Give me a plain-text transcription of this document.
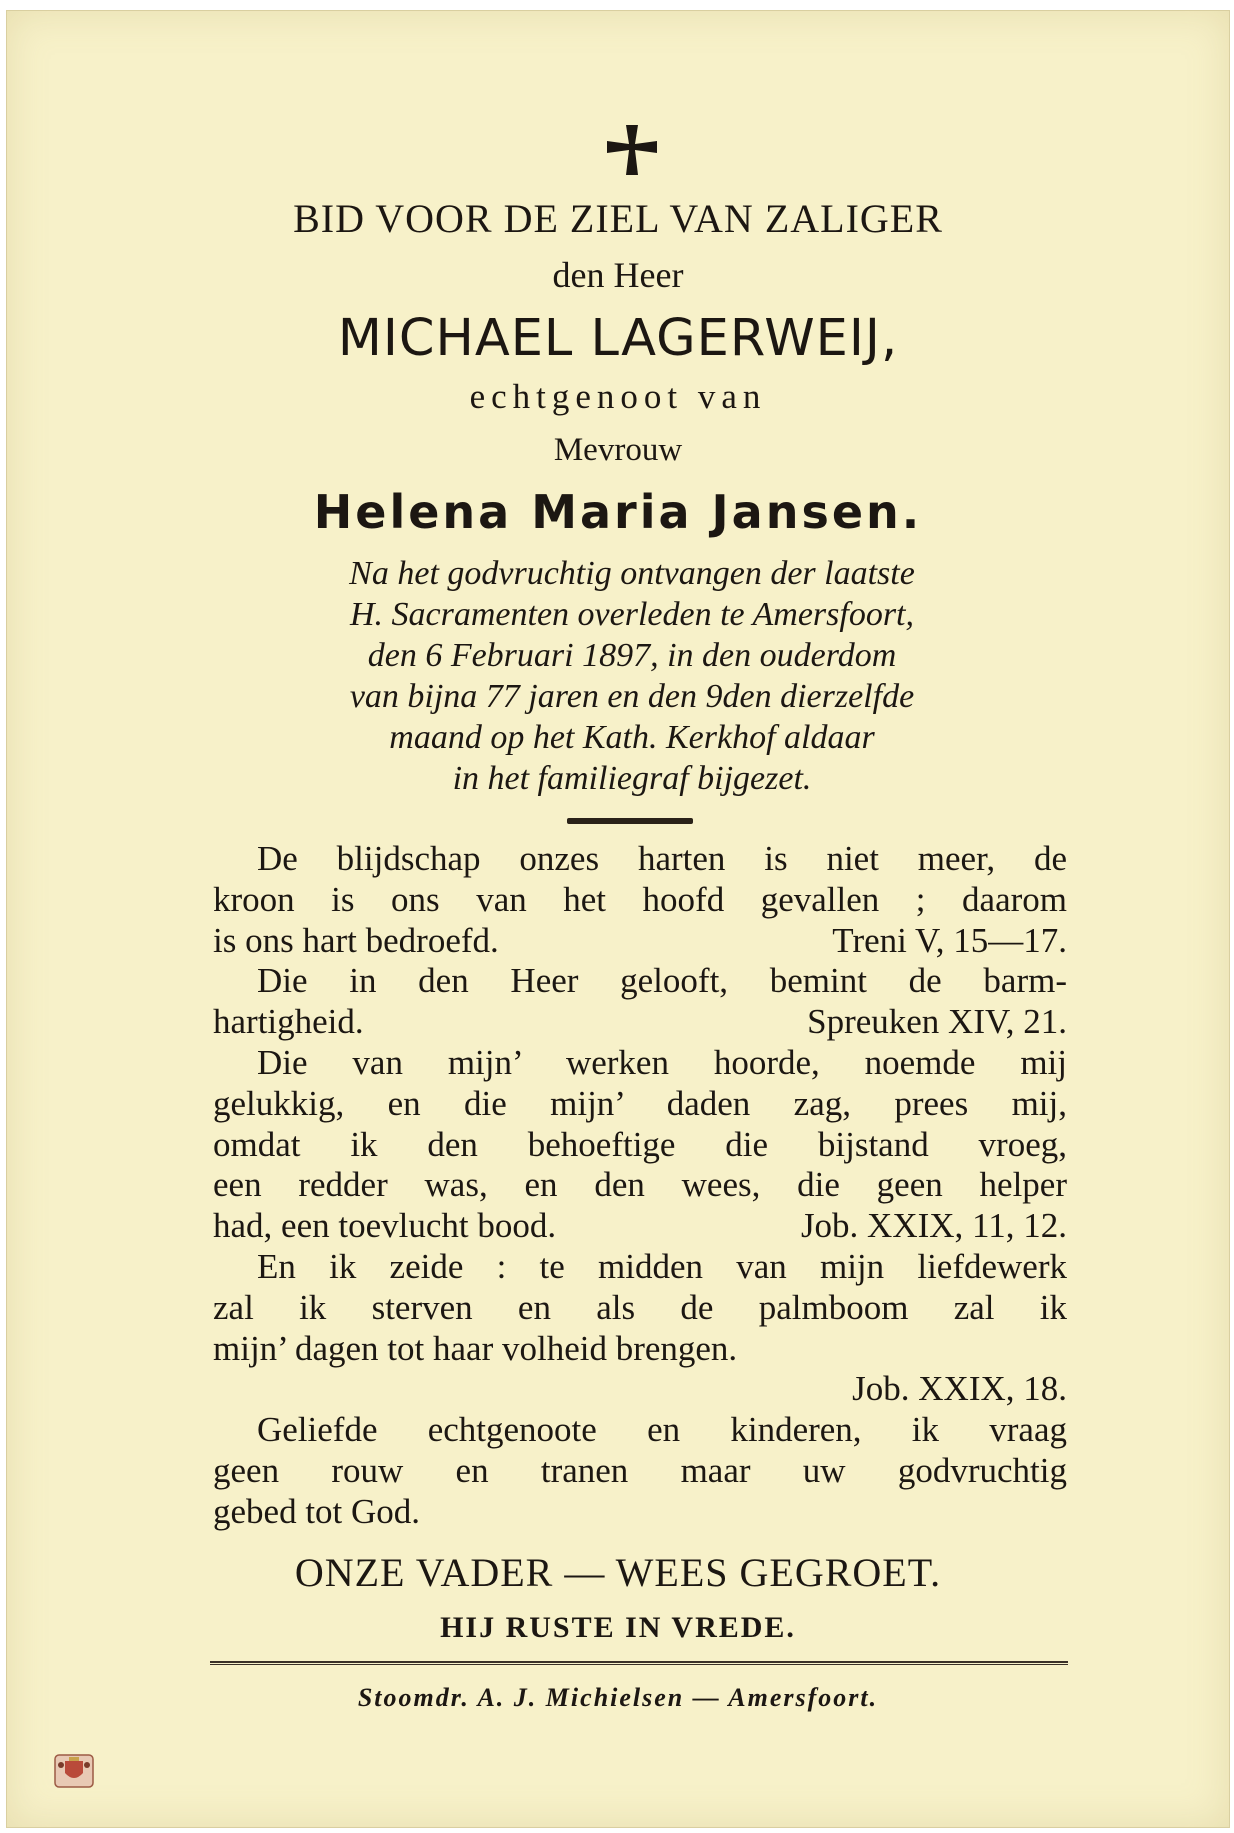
BID VOOR DE ZIEL VAN ZALIGER
den Heer
MICHAEL LAGERWEIJ,
echtgenoot van
Mevrouw
Helena Maria Jansen.
Na het godvruchtig ontvangen der laatste
H. Sacramenten overleden te Amersfoort,
den 6 Februari 1897, in den ouderdom
van bijna 77 jaren en den 9den dierzelfde
maand op het Kath. Kerkhof aldaar
in het familiegraf bijgezet.
De blijdschap onzes harten is niet meer, de
kroon is ons van het hoofd gevallen ; daarom
is ons hart bedroefd.	Treni V, 15—17.
Die in den Heer gelooft, bemint de barm-
hartigheid.	Spreuken XIV, 21.
Die van mijn’ werken hoorde, noemde mij
gelukkig, en die mijn’ daden zag, prees mij,
omdat ik den behoeftige die bijstand vroeg,
een redder was, en den wees, die geen helper
had, een toevlucht bood.	Job. XXIX, 11, 12.
En ik zeide : te midden van mijn liefdewerk
zal ik sterven en als de palmboom zal ik
mijn’ dagen tot haar volheid brengen.
Job. XXIX, 18.
Geliefde echtgenoote en kinderen, ik vraag
geen rouw en tranen maar uw godvruchtig
gebed tot God.
ONZE VADER — WEES GEGROET.
HIJ RUSTE IN VREDE.
Stoomdr. A. J. Michielsen — Amersfoort.
